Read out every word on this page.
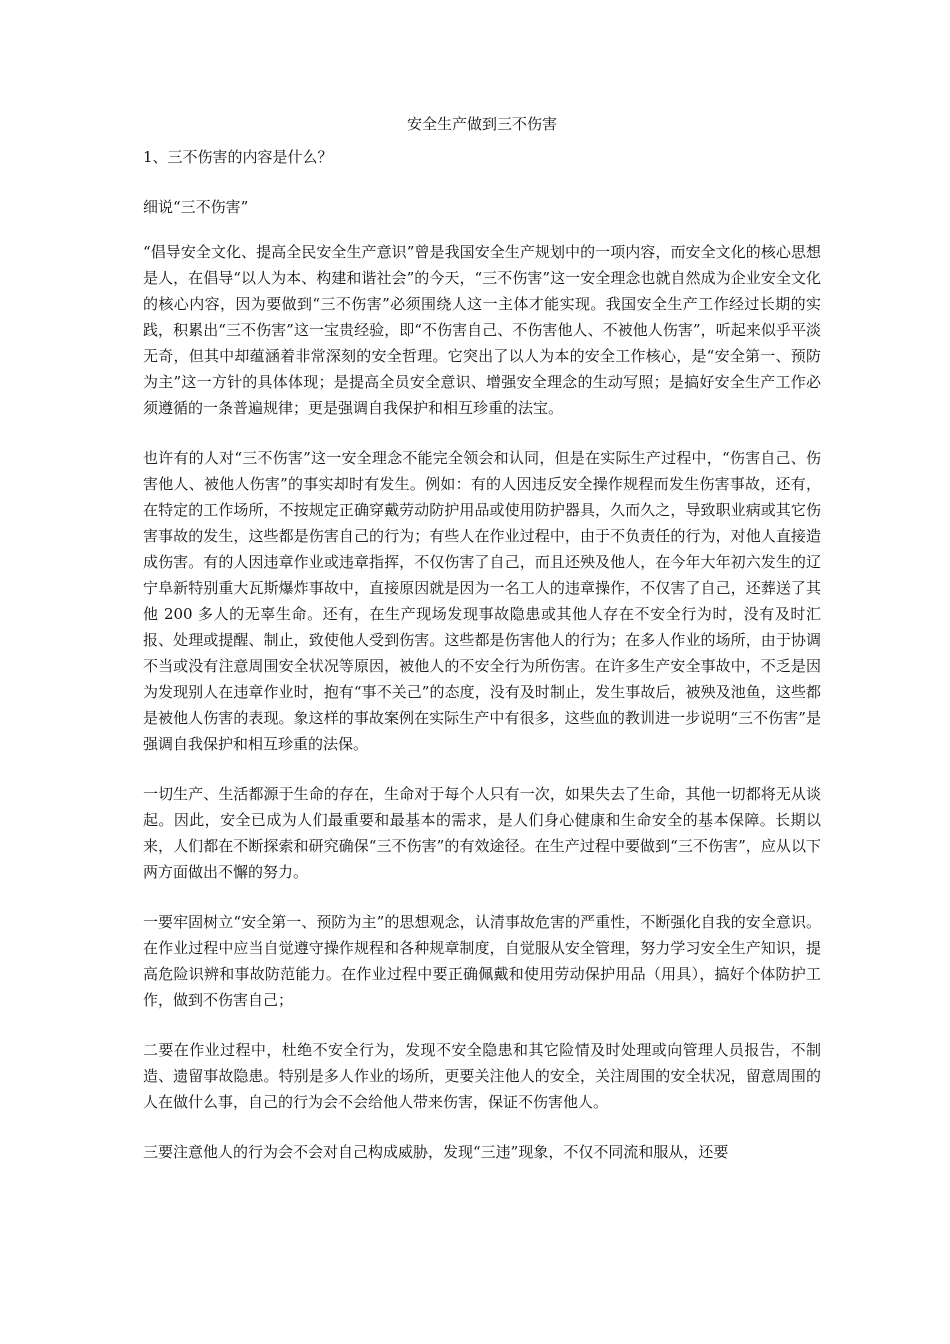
安全生产做到三不伤害

1、三不伤害的内容是什么？

细说“三不伤害”

“倡导安全文化、提高全民安全生产意识”曾是我国安全生产规划中的一项内容，而安全文化的核心思想是人，在倡导“以人为本、构建和谐社会”的今天，“三不伤害”这一安全理念也就自然成为企业安全文化的核心内容，因为要做到“三不伤害”必须围绕人这一主体才能实现。我国安全生产工作经过长期的实践，积累出“三不伤害”这一宝贵经验，即“不伤害自己、不伤害他人、不被他人伤害”，听起来似乎平淡无奇，但其中却蕴涵着非常深刻的安全哲理。它突出了以人为本的安全工作核心，是“安全第一、预防为主”这一方针的具体体现；是提高全员安全意识、增强安全理念的生动写照；是搞好安全生产工作必须遵循的一条普遍规律；更是强调自我保护和相互珍重的法宝。

也许有的人对“三不伤害”这一安全理念不能完全领会和认同，但是在实际生产过程中，“伤害自己、伤害他人、被他人伤害”的事实却时有发生。例如：有的人因违反安全操作规程而发生伤害事故，还有，在特定的工作场所，不按规定正确穿戴劳动防护用品或使用防护器具，久而久之，导致职业病或其它伤害事故的发生，这些都是伤害自己的行为；有些人在作业过程中，由于不负责任的行为，对他人直接造成伤害。有的人因违章作业或违章指挥，不仅伤害了自己，而且还殃及他人，在今年大年初六发生的辽宁阜新特别重大瓦斯爆炸事故中，直接原因就是因为一名工人的违章操作，不仅害了自己，还葬送了其他 200 多人的无辜生命。还有，在生产现场发现事故隐患或其他人存在不安全行为时，没有及时汇报、处理或提醒、制止，致使他人受到伤害。这些都是伤害他人的行为；在多人作业的场所，由于协调不当或没有注意周围安全状况等原因，被他人的不安全行为所伤害。在许多生产安全事故中，不乏是因为发现别人在违章作业时，抱有“事不关己”的态度，没有及时制止，发生事故后，被殃及池鱼，这些都是被他人伤害的表现。象这样的事故案例在实际生产中有很多，这些血的教训进一步说明“三不伤害”是强调自我保护和相互珍重的法保。

一切生产、生活都源于生命的存在，生命对于每个人只有一次，如果失去了生命，其他一切都将无从谈起。因此，安全已成为人们最重要和最基本的需求，是人们身心健康和生命安全的基本保障。长期以来，人们都在不断探索和研究确保“三不伤害”的有效途径。在生产过程中要做到“三不伤害”，应从以下两方面做出不懈的努力。

一要牢固树立“安全第一、预防为主”的思想观念，认清事故危害的严重性，不断强化自我的安全意识。在作业过程中应当自觉遵守操作规程和各种规章制度，自觉服从安全管理，努力学习安全生产知识，提高危险识辨和事故防范能力。在作业过程中要正确佩戴和使用劳动保护用品（用具），搞好个体防护工作，做到不伤害自己；

二要在作业过程中，杜绝不安全行为，发现不安全隐患和其它险情及时处理或向管理人员报告，不制造、遗留事故隐患。特别是多人作业的场所，更要关注他人的安全，关注周围的安全状况，留意周围的人在做什么事，自己的行为会不会给他人带来伤害，保证不伤害他人。

三要注意他人的行为会不会对自己构成威胁，发现“三违”现象，不仅不同流和服从，还要
